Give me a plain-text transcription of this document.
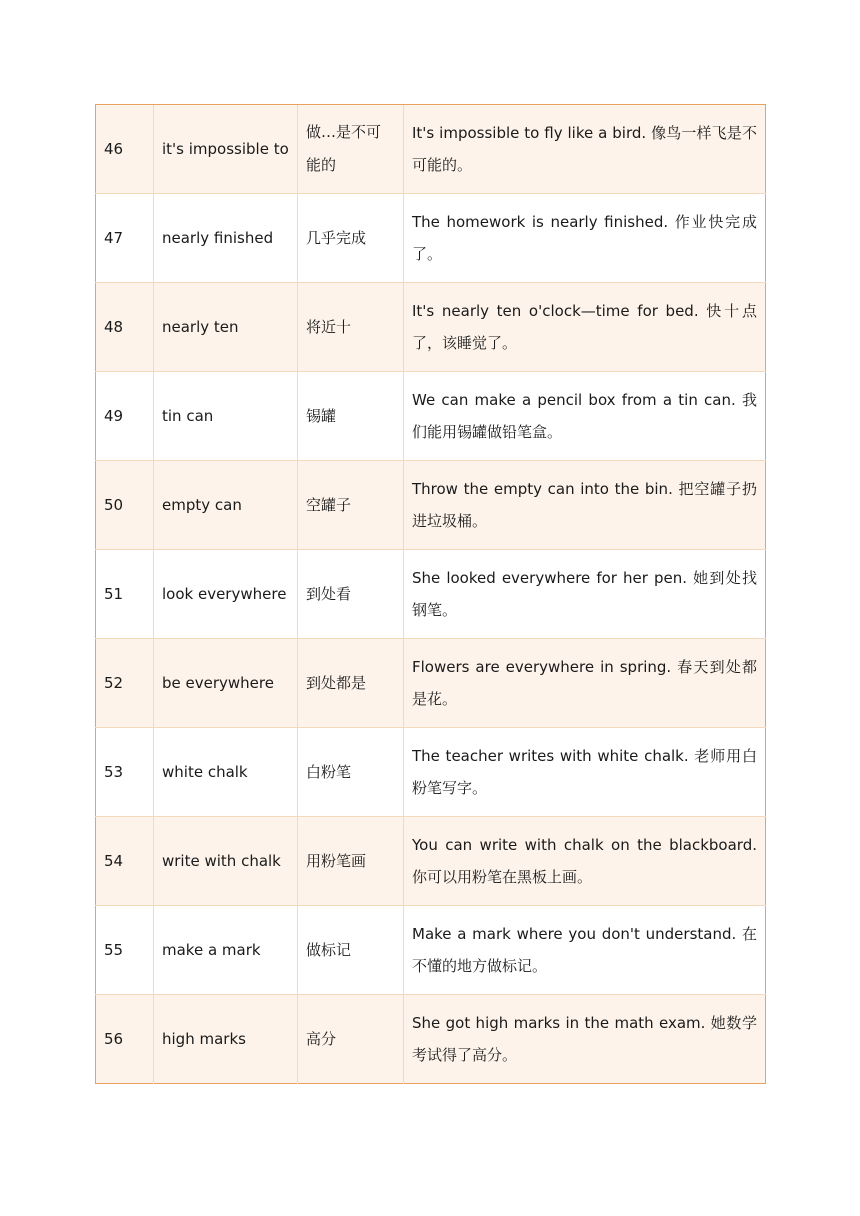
46	it's impossible to	做…是不可能的	It's impossible to fly like a bird. 像鸟一样飞是不可能的。
47	nearly finished	几乎完成	The homework is nearly finished. 作业快完成了。
48	nearly ten	将近十	It's nearly ten o'clock—time for bed. 快十点了，该睡觉了。
49	tin can	锡罐	We can make a pencil box from a tin can. 我们能用锡罐做铅笔盒。
50	empty can	空罐子	Throw the empty can into the bin. 把空罐子扔进垃圾桶。
51	look everywhere	到处看	She looked everywhere for her pen. 她到处找钢笔。
52	be everywhere	到处都是	Flowers are everywhere in spring. 春天到处都是花。
53	white chalk	白粉笔	The teacher writes with white chalk. 老师用白粉笔写字。
54	write with chalk	用粉笔画	You can write with chalk on the blackboard. 你可以用粉笔在黑板上画。
55	make a mark	做标记	Make a mark where you don't understand. 在不懂的地方做标记。
56	high marks	高分	She got high marks in the math exam. 她数学考试得了高分。
